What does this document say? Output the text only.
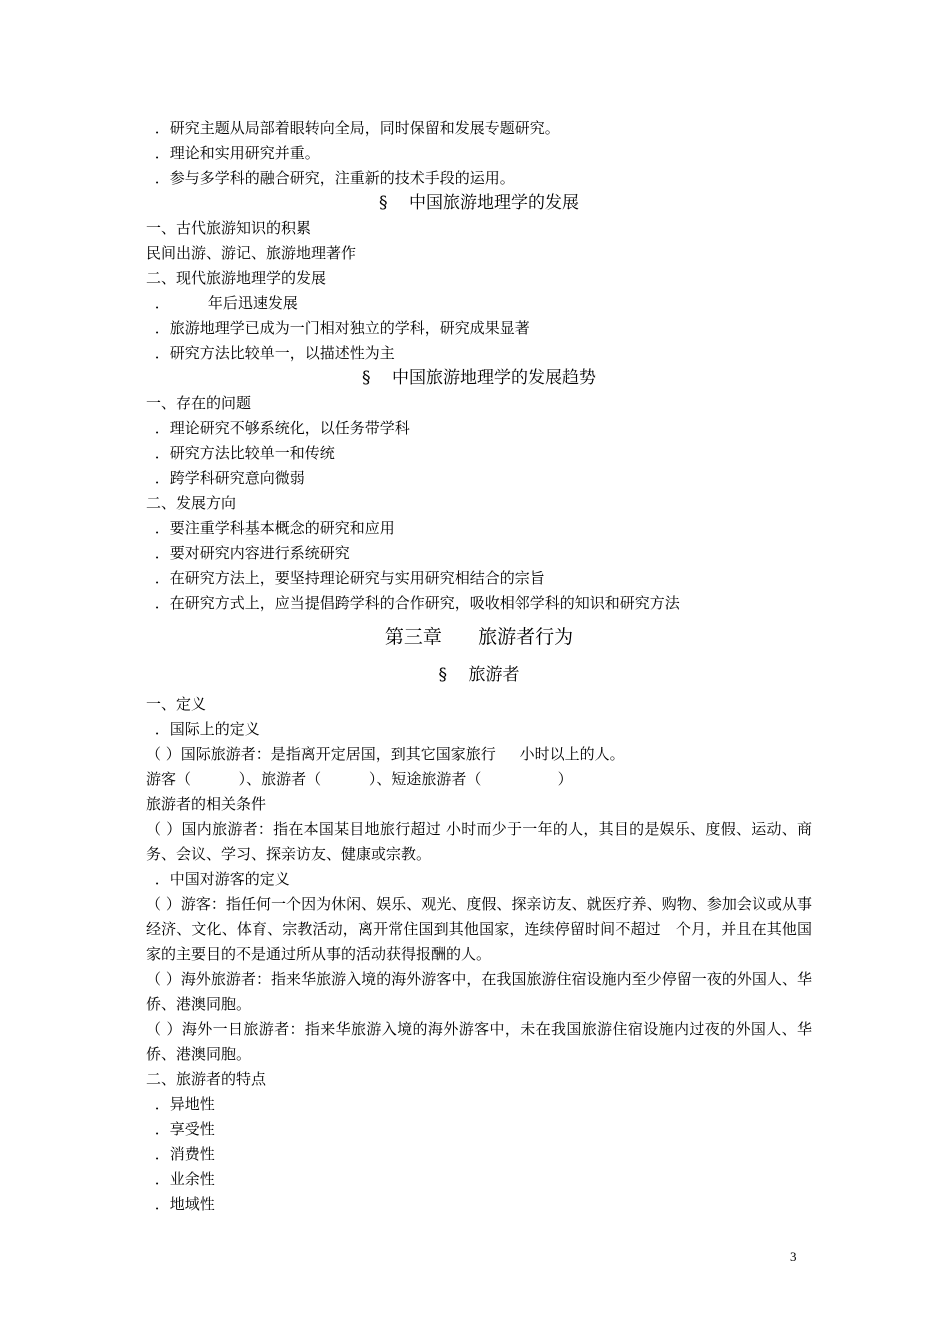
．研究主题从局部着眼转向全局，同时保留和发展专题研究。
．理论和实用研究并重。
．参与多学科的融合研究，注重新的技术手段的运用。
§    中国旅游地理学的发展
一、古代旅游知识的积累
民间出游、游记、旅游地理著作
二、现代旅游地理学的发展
．        年后迅速发展
．旅游地理学已成为一门相对独立的学科，研究成果显著
．研究方法比较单一，以描述性为主
§    中国旅游地理学的发展趋势
一、存在的问题
．理论研究不够系统化，以任务带学科
．研究方法比较单一和传统
．跨学科研究意向微弱
二、发展方向
．要注重学科基本概念的研究和应用
．要对研究内容进行系统研究
．在研究方法上，要坚持理论研究与实用研究相结合的宗旨
．在研究方式上，应当提倡跨学科的合作研究，吸收相邻学科的知识和研究方法
第三章      旅游者行为
§    旅游者
一、定义
．国际上的定义
（ ）国际旅游者：是指离开定居国，到其它国家旅行     小时以上的人。
游客（          ）、旅游者（          ）、短途旅游者（                ）
旅游者的相关条件
（ ）国内旅游者：指在本国某目地旅行超过 小时而少于一年的人，其目的是娱乐、度假、运动、商务、会议、学习、探亲访友、健康或宗教。
．中国对游客的定义
（ ）游客：指任何一个因为休闲、娱乐、观光、度假、探亲访友、就医疗养、购物、参加会议或从事经济、文化、体育、宗教活动，离开常住国到其他国家，连续停留时间不超过　个月，并且在其他国家的主要目的不是通过所从事的活动获得报酬的人。
（ ）海外旅游者：指来华旅游入境的海外游客中，在我国旅游住宿设施内至少停留一夜的外国人、华侨、港澳同胞。
（ ）海外一日旅游者：指来华旅游入境的海外游客中，未在我国旅游住宿设施内过夜的外国人、华侨、港澳同胞。
二、旅游者的特点
．异地性
．享受性
．消费性
．业余性
．地域性
3
